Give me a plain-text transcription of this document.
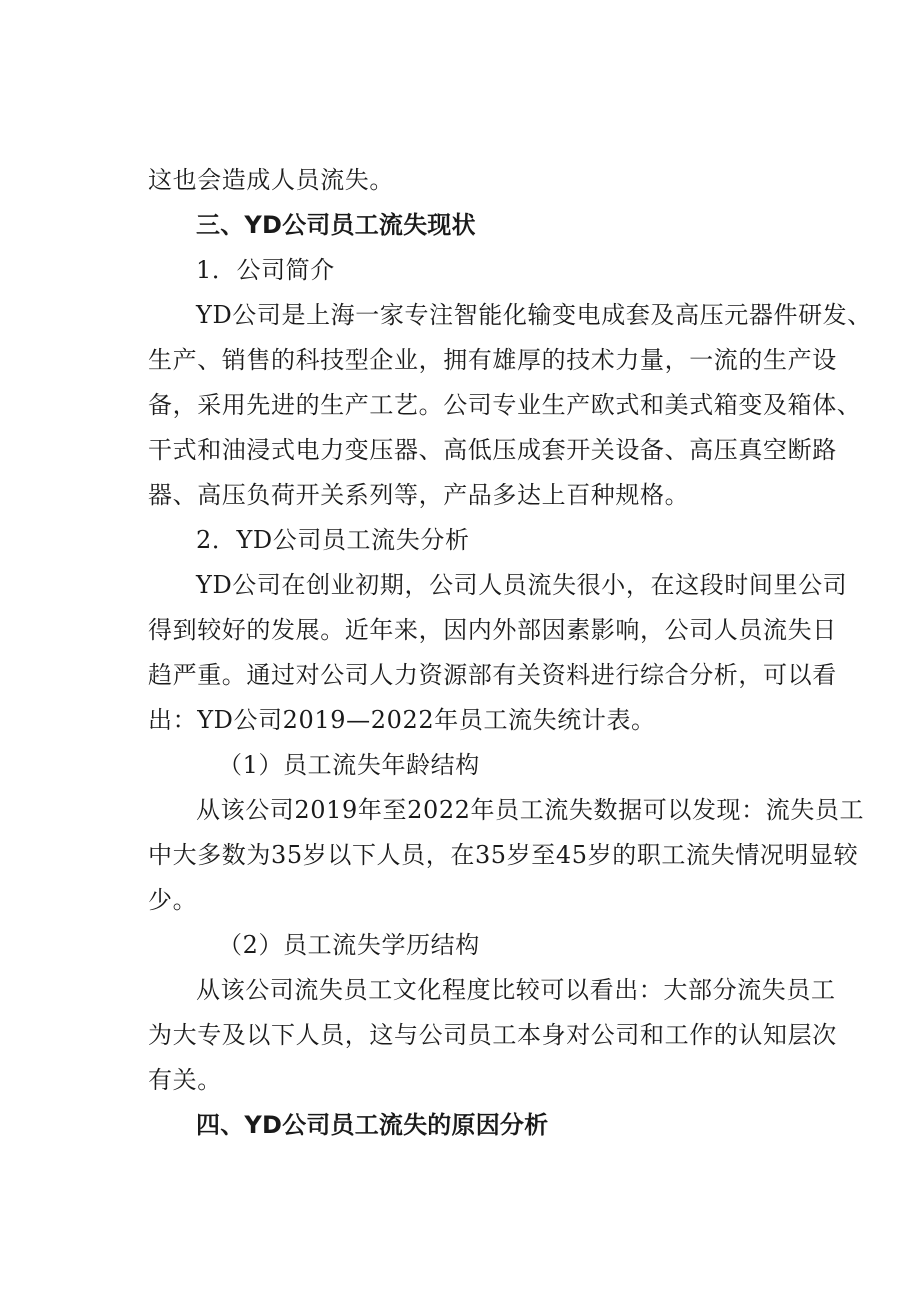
这也会造成人员流失。
三、YD公司员工流失现状
1．公司简介
YD公司是上海一家专注智能化输变电成套及高压元器件研发、
生产、销售的科技型企业，拥有雄厚的技术力量，一流的生产设
备，采用先进的生产工艺。公司专业生产欧式和美式箱变及箱体、
干式和油浸式电力变压器、高低压成套开关设备、高压真空断路
器、高压负荷开关系列等，产品多达上百种规格。
2．YD公司员工流失分析
YD公司在创业初期，公司人员流失很小，在这段时间里公司
得到较好的发展。近年来，因内外部因素影响，公司人员流失日
趋严重。通过对公司人力资源部有关资料进行综合分析，可以看
出：YD公司2019—2022年员工流失统计表。
（1）员工流失年龄结构
从该公司2019年至2022年员工流失数据可以发现：流失员工
中大多数为35岁以下人员，在35岁至45岁的职工流失情况明显较
少。
（2）员工流失学历结构
从该公司流失员工文化程度比较可以看出：大部分流失员工
为大专及以下人员，这与公司员工本身对公司和工作的认知层次
有关。
四、YD公司员工流失的原因分析
